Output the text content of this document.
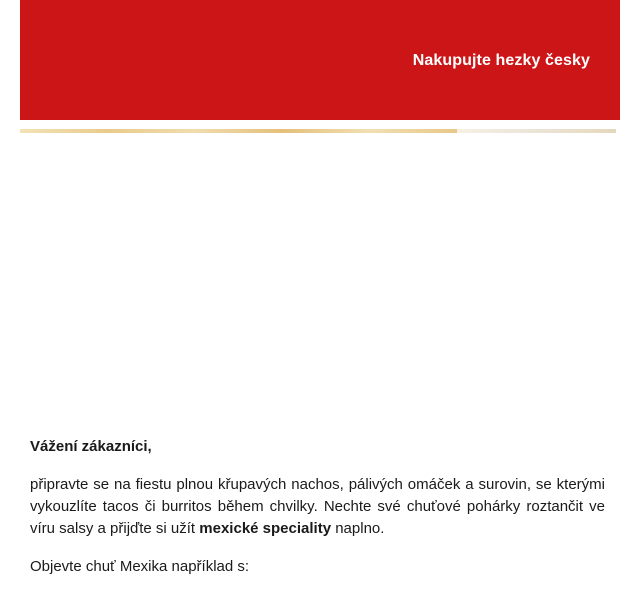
Nakupujte hezky česky

Vážení zákazníci,

připravte se na fiestu plnou křupavých nachos, pálivých omáček a surovin, se kterými vykouzlíte tacos či burritos během chvilky. Nechte své chuťové pohárky roztančit ve víru salsy a přijďte si užít mexické speciality naplno.

Objevte chuť Mexika například s:
